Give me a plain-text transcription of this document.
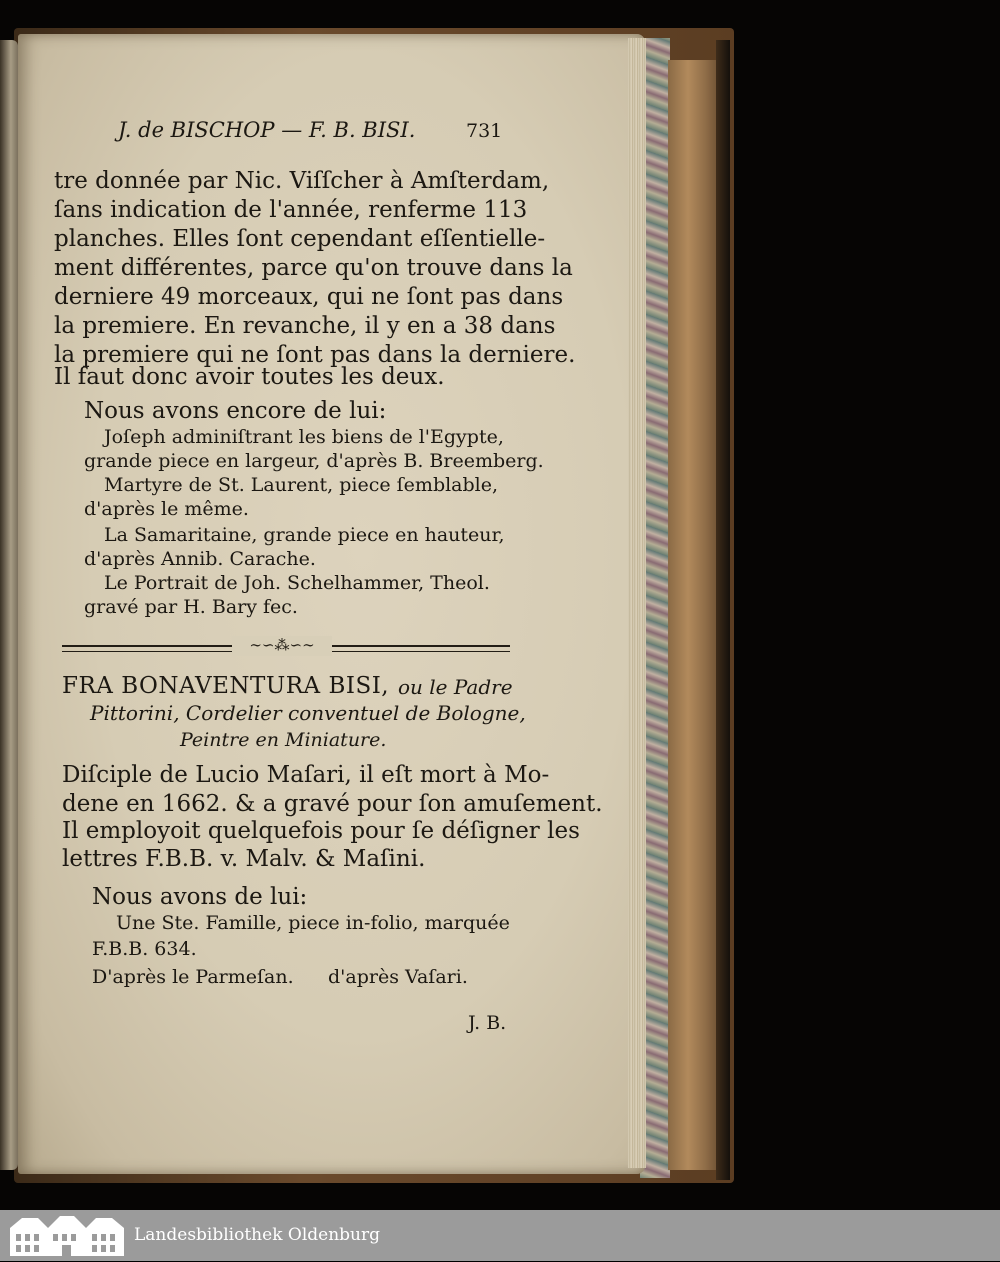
J. de BISCHOP — F. B. BISI.	731
tre donnée par Nic. Viſſcher à Amſterdam,
ſans indication de l'année, renferme 113
planches. Elles ſont cependant eſſentielle-
ment différentes, parce qu'on trouve dans la
derniere 49 morceaux, qui ne ſont pas dans
la premiere. En revanche, il y en a 38 dans
la premiere qui ne ſont pas dans la derniere.
Il faut donc avoir toutes les deux.
Nous avons encore de lui:
Joſeph adminiſtrant les biens de l'Egypte,
grande piece en largeur, d'après B. Breemberg.
Martyre de St. Laurent, piece ſemblable,
d'après le même.
La Samaritaine, grande piece en hauteur,
d'après Annib. Carache.
Le Portrait de Joh. Schelhammer, Theol.
gravé par H. Bary fec.
∼∽⁂∽∼
FRA BONAVENTURA BISI, ou le Padre
Pittorini, Cordelier conventuel de Bologne,
Peintre en Miniature.
Diſciple de Lucio Maſari, il eſt mort à Mo-
dene en 1662. & a gravé pour ſon amuſement.
Il employoit quelquefois pour ſe déſigner les
lettres F.B.B. v. Malv. & Maſini.
Nous avons de lui:
Une Ste. Famille, piece in-folio, marquée
F.B.B. 634.
D'après le Parmeſan. d'après Vaſari.
J. B.
Landesbibliothek Oldenburg
